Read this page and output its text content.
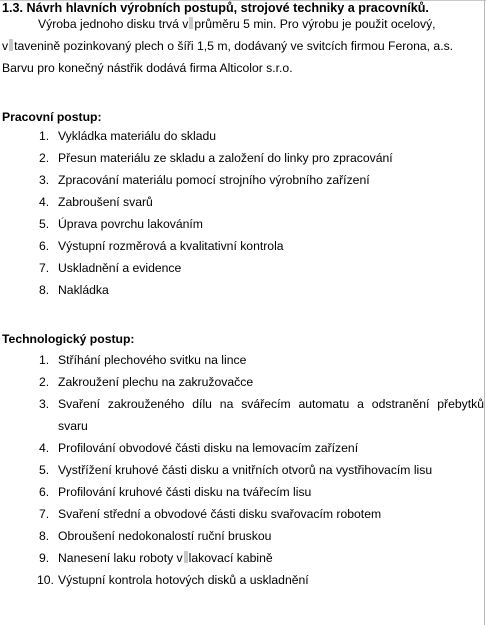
1.3. Návrh hlavních výrobních postupů, strojové techniky a pracovníků.
Výroba jednoho disku trvá v průměru 5 min. Pro výrobu je použit ocelový,
v tavenině pozinkovaný plech o šíři 1,5 m, dodávaný ve svitcích firmou Ferona, a.s.
Barvu pro konečný nástřik dodává firma Alticolor s.r.o.
Pracovní postup:
1. Vykládka materiálu do skladu
2. Přesun materiálu ze skladu a založení do linky pro zpracování
3. Zpracování materiálu pomocí strojního výrobního zařízení
4. Zabroušení svarů
5. Úprava povrchu lakováním
6. Výstupní rozměrová a kvalitativní kontrola
7. Uskladnění a evidence
8. Nakládka
Technologický postup:
1. Stříhání plechového svitku na lince
2. Zakroužení plechu na zakružovačce
3. Svaření zakrouženého dílu na svářecím automatu a odstranění přebytků
svaru
4. Profilování obvodové části disku na lemovacím zařízení
5. Vystřížení kruhové části disku a vnitřních otvorů na vystřihovacím lisu
6. Profilování kruhové části disku na tvářecím lisu
7. Svaření střední a obvodové části disku svařovacím robotem
8. Obroušení nedokonalostí ruční bruskou
9. Nanesení laku roboty v lakovací kabině
10. Výstupní kontrola hotových disků a uskladnění
